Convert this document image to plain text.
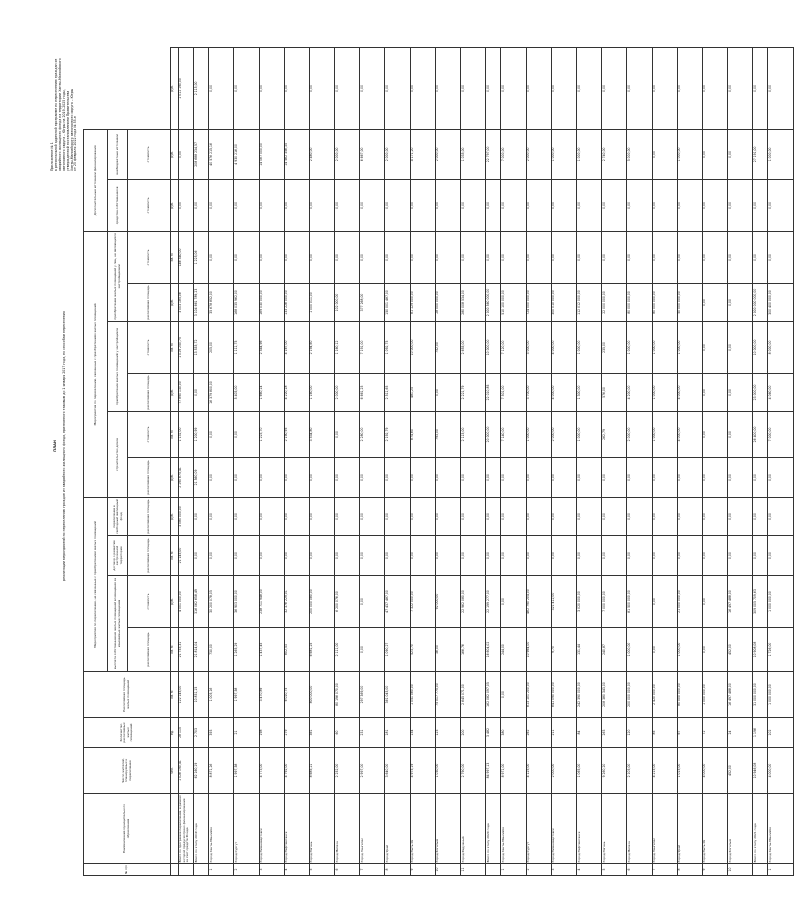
Приложение № 1 к региональной адресной программе по переселению граждан из аварийного жилищного фонда на территории Ханты-Мансийского автономного округа – Югры на 2019–2025 годы, утвержденной постановлением Правительства Ханты-Мансийского автономного округа – Югры от 25 февраля 2022 года № 55-п
ПЛАН реализации мероприятий по переселению граждан из аварийного жилищного фонда, признанного таковым до 1 января 2017 года, по способам переселения
№ п/п	Наименование муниципального образования	Число жителей, планируемых к переселению	Количество расселяемых жилых помещений	Расселяемая площадь жилых помещений	Мероприятия по переселению, не связанные с приобретением жилых помещений				Мероприятия по переселению, связанные с приобретением жилых помещений						Дополнительные источники финансирования		
					выплата собственникам жилых помещений возмещения за изымаемые жилые помещения		договор о развитии застроенной территории	переселение в свободный жилищный фонд	строительство домов		приобретение жилых помещений у застройщиков		приобретение жилых помещений у лиц, не являющихся застройщиками		средства собственников	внебюджетные источники	
					расселяемая площадь	стоимость	расселяемая площадь	расселяемая площадь	расселяемая площадь	стоимость	расселяемая площадь	стоимость	расселяемая площадь	стоимость	стоимость	стоимость	
		чел.	ед.	кв. м	кв. м	руб.	кв. м	руб.	руб.	кв. м	руб.	кв. м	руб.	кв. м	руб.	руб.	руб.
	Всего по программе переселения, в рамках которой предусмотрено финансирование за счет средств Фонда	1 026 190,41	28 115	122 145,00	21 753,31	4 001 000,00	21 145,00	3 080 000,00	2 190 675,41	1 131,00	77 890 130,00	1 019 250,75	3 003 185,06	146 540,00	0,00	0,00	1 011 190,00
	Всего по этапу 2019 года	62 160,19	2 703	10 831,15	21 814,04	316 062 658,49	0,00	0,00	21 560,09	1 200,99	0,00	13 535,72	3 104 661 789,23	1 225,06	0,00	208 688 234,57	2 115,00
1	Город Ханты-Мансийск	8 871,26	393	1 005,16	730,00	30 200 078,05	0,00	0,00	0,00	0,00	16 379 800,00	205,00	35 678 852,00	0,00	0,00	40 576 215,16	0,00
2	Город Сургут	1 997,58	21	1 997,58	1 265,29	36 903 000,00	0,00	0,00	0,00	0,00	5 403,00	1 111,75	168 035 962,00	0,00	0,00	4 930 216,00	0,00
3	Город Нижневартовск	4 773,00	198	3 470,89	1 437,45	238 711 948,00	0,00	0,00	0,00	1 223,70	1 660,14	2 544,96	169 030 000,00	0,00	0,00	14 067 000,00	0,00
4	Город Нефтеюганск	4 792,00	279	6 020,75	602,53	32 376 229,01	0,00	0,00	0,00	2 190,95	4 220,18	4 167,00	133 226 000,00	0,00	0,00	14 562 356,35	0,00
5	Город Нягань	8 685,21	361	800 000,00	6 681,25	200 000 080,00	0,00	0,00	0,00	3 534,80	1 160,00	2 194,60	1 000 011,00	0,00	0,00	2 480,00	0,00
6	Город Мегион	2 252,00	60	80 196 070,00	2 111,00	6 200 076,00	0,00	0,00	0,00	0,00	2 000,00	1 160,12	102 000,00	0,00	0,00	2 000,00	0,00
7	Город Лангепас	2 997,00	231	297 369,00	0,00	0,00	0,00	0,00	0,00	2 280,00	6 661,25	7 191,00	377 268,00	0,00	0,00	6 667,00	0,00
8	Город Урай	3 640,00	181	361 045,00	1 090,27	47 437 487,00	0,00	0,00	0,00	2 192,79	2 511,65	1 092,75	150 001 487,00	0,00	0,00	2 000,00	0,00
9	Город Пыть-Ях	4 975,19	154	1 051 060,00	523,70	7 322 000,00	0,00	0,00	0,00	674,60	481,25	10 000,00	61 129 000,00	0,00	0,00	4 171,20	0,00
10	Город Когалым	1 030,00	123	75 017 775,00	36,00	92 000,00	0,00	0,00	0,00	793,00	0,00	752,00	28 000 000,00	0,00	0,00	2 000,00	0,00
11	Город Радужный	2 790,00	200	2 645 071,00	166,76	22 962 080,00	0,00	0,00	0,00	2 115,00	2 221,79	2 655,00	280 008 534,00	0,00	0,00	1 035,00	0,00
	Всего по этапу 2020 года	84 997,13	3 482	162 082 097,05	16 604,02	22 199 277,00	0,00	0,00	0,00	20 000,00	22 010,85	10 000,00	2 000 560 000,00	0,00	0,00	22 797,00	0,00
1	Город Ханты-Мансийск	8 971,00	380	0,00	244,00	0,00	0,00	0,00	0,00	7 140,00	7 501,00	7 120,00	510 100 000,00	0,00	0,00	7 000,00	0,00
2	Город Сургут	4 125,00	262	613 101 200,00	10 964,00	462 790 204,00	0,00	0,00	0,00	1 000,00	3 700,00	3 000,00	724 000 000,00	0,00	0,00	2 000,00	0,00
3	Город Нижневартовск	2 000,00	211	641 090 000,00	9,70	321 412,00	0,00	0,00	0,00	2 000,00	4 000,00	4 000,00	300 010 000,00	0,00	0,00	1 000,00	0,00
4	Город Нефтеюганск	1 065,00	84	242 390 000,00	131,44	3 020 000,00	0,00	0,00	0,00	1 000,00	1 300,00	1 000,00	112 012 000,00	0,00	0,00	1 000,00	0,00
5	Город Нягань	9 260,20	263	208 380 343,00	240,87	7 000 000,00	0,00	0,00	0,00	262,79	576,00	235,00	22 000 000,00	0,00	0,00	2 740,00	0,00
6	Город Мегион	2 105,00	120	200 000 000,00	1 000,00	81 500 000,00	0,00	0,00	0,00	2 000,00	4 200,00	1 000,00	80 000 000,00	0,00	0,00	5 000,00	0,00
7	Город Лангепас	4 215,00	85	2 420 000,00	0,00	0,00	0,00	0,00	0,00	1 000,00	1 000,00	1 000,00	80 000 000,00	0,00	0,00	0,00	0,00
8	Город Урай	1 015,00	67	80 000 000,00	1 000,00	21 000 000,00	0,00	0,00	0,00	4 000,00	4 000,00	1 000,00	50 000 000,00	0,00	0,00	1 000,00	0,00
9	Город Пыть-Ях	4 000,00	72	1 000 000,00	0,00	0,00	0,00	0,00	0,00	0,00	0,00	0,00	0,00	0,00	0,00	0,00	0,00
10	Город Когалым	452,00	24	16 497 488,00	452,00	16 497 488,00	0,00	0,00	0,00	0,00	0,00	0,00	0,00	0,00	0,00	0,00	0,00
	Всего по этапу 2021 года	10 946,08	1 196	31 000 000,00	10 908,08	309 005 709,63	0,00	0,00	0,00	26 400,00	23 000,00	10 000,00	2 000 000 000,00	0,00	0,00	27 191,00	0,00
1	Город Ханты-Мансийск	4 000,00	102	1 000 000,00	1 726,00	1 000 000,00	0,00	0,00	0,00	7 000,00	4 060,00	8 000,00	300 400 000,00	0,00	0,00	1 000,00	0,00
